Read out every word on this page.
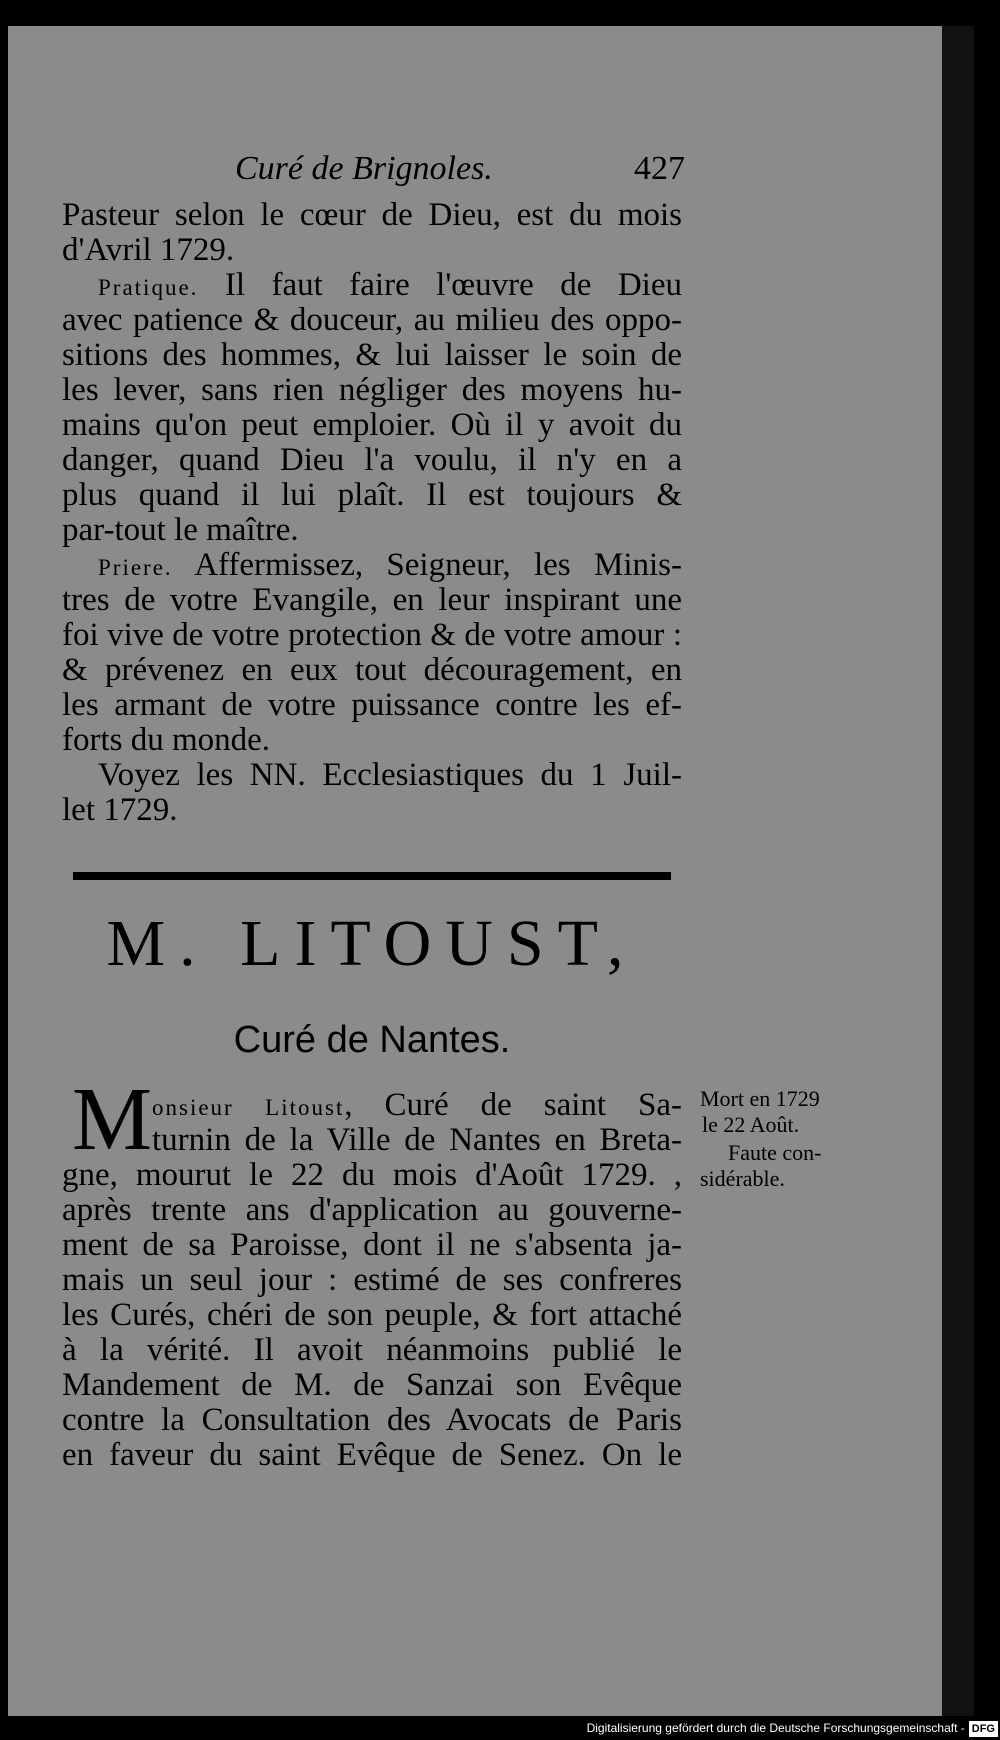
Curé de Brignoles.	427
Pasteur selon le cœur de Dieu, est du mois
d'Avril 1729.
Pratique. Il faut faire l'œuvre de Dieu
avec patience & douceur, au milieu des oppo-
sitions des hommes, & lui laisser le soin de
les lever, sans rien négliger des moyens hu-
mains qu'on peut emploier. Où il y avoit du
danger, quand Dieu l'a voulu, il n'y en a
plus quand il lui plaît. Il est toujours &
par-tout le maître.
Priere. Affermissez, Seigneur, les Minis-
tres de votre Evangile, en leur inspirant une
foi vive de votre protection & de votre amour :
& prévenez en eux tout découragement, en
les armant de votre puissance contre les ef-
forts du monde.
Voyez les NN. Ecclesiastiques du 1 Juil-
let 1729.
M. LITOUST,
Curé de Nantes.
M onsieur Litoust, Curé de saint Sa-
turnin de la Ville de Nantes en Breta-
gne, mourut le 22 du mois d'Août 1729. ,
après trente ans d'application au gouverne-
ment de sa Paroisse, dont il ne s'absenta ja-
mais un seul jour : estimé de ses confreres
les Curés, chéri de son peuple, & fort attaché
à la vérité. Il avoit néanmoins publié le
Mandement de M. de Sanzai son Evêque
contre la Consultation des Avocats de Paris
en faveur du saint Evêque de Senez. On le
Mort en 1729
le 22 Août.
Faute con-
sidérable.
Digitalisierung gefördert durch die Deutsche Forschungsgemeinschaft - DFG
